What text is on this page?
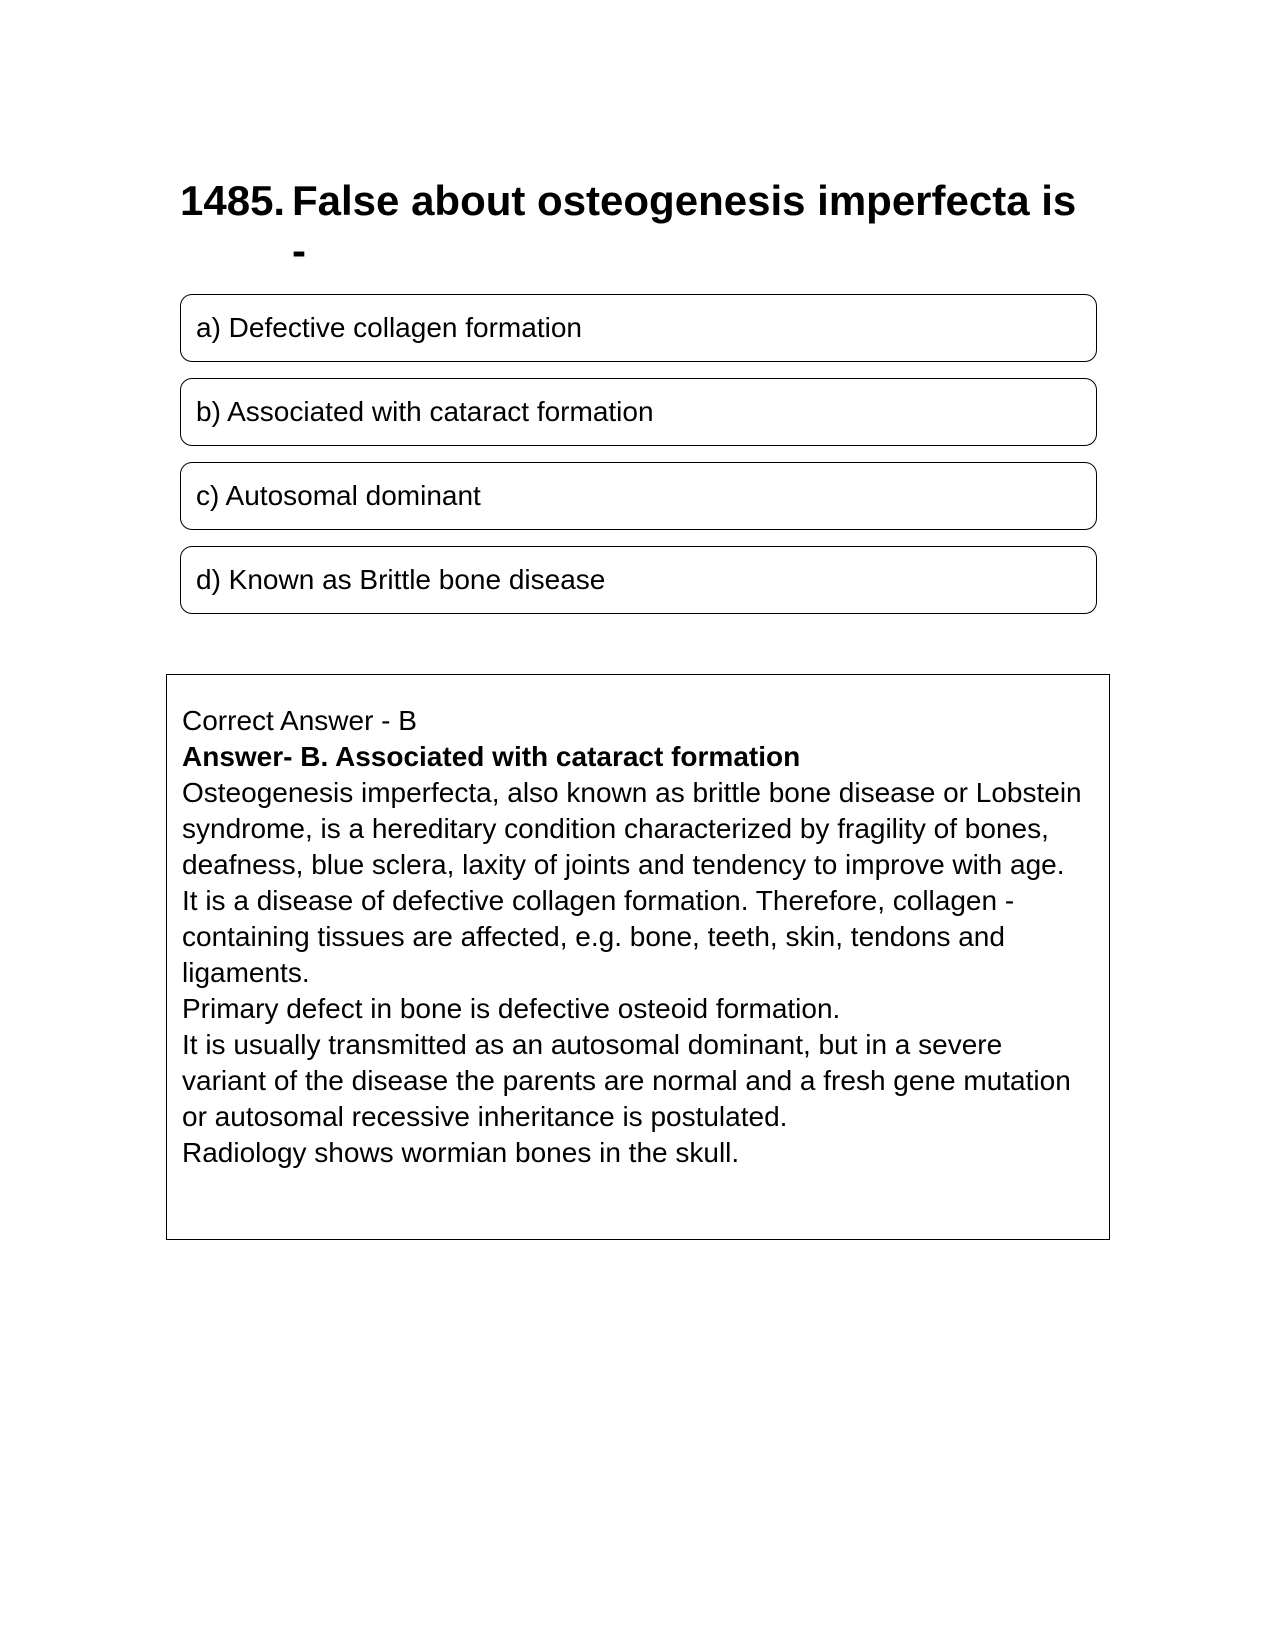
1485. False about osteogenesis imperfecta is -
a) Defective collagen formation
b) Associated with cataract formation
c) Autosomal dominant
d) Known as Brittle bone disease

Correct Answer - B

Answer- B. Associated with cataract formation

Osteogenesis imperfecta, also known as brittle bone disease or Lobstein syndrome, is a hereditary condition characterized by fragility of bones, deafness, blue sclera, laxity of joints and tendency to improve with age.

It is a disease of defective collagen formation. Therefore, collagen - containing tissues are affected, e.g. bone, teeth, skin, tendons and ligaments.

Primary defect in bone is defective osteoid formation.

It is usually transmitted as an autosomal dominant, but in a severe variant of the disease the parents are normal and a fresh gene mutation or autosomal recessive inheritance is postulated.

Radiology shows wormian bones in the skull.
